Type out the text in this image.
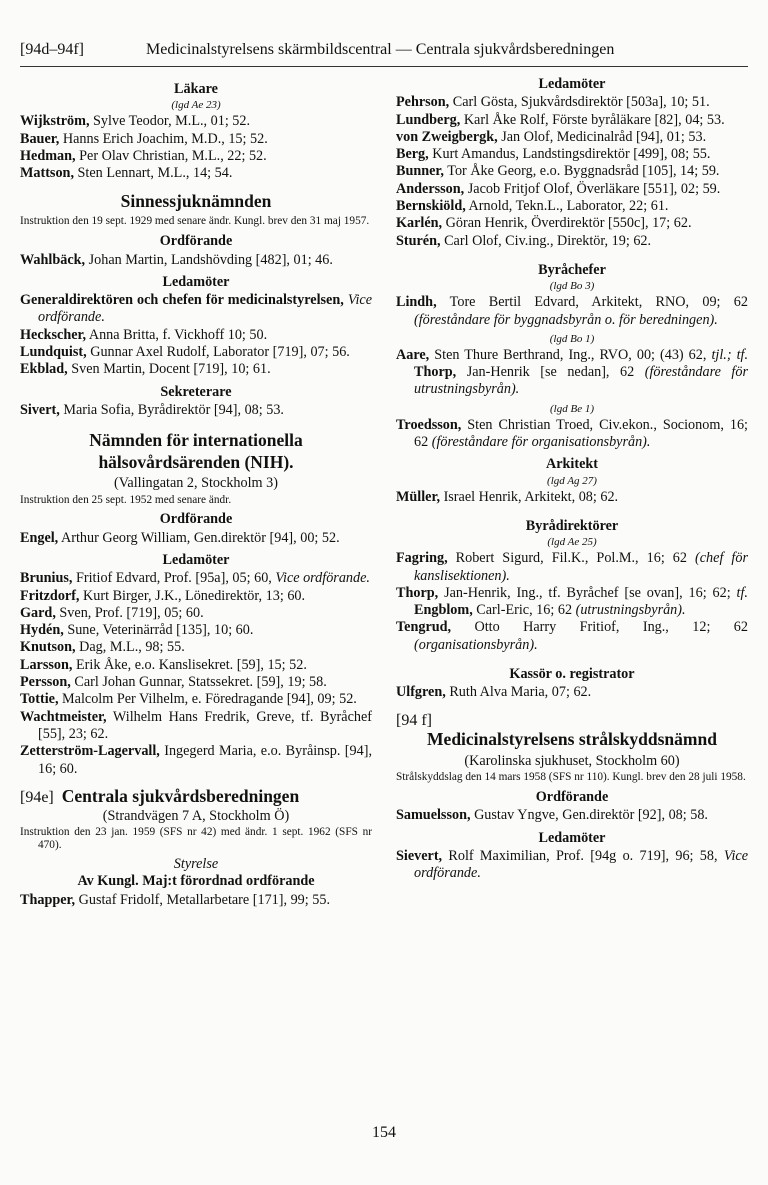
[94d–94f]	Medicinalstyrelsens skärmbildscentral — Centrala sjukvårdsberedningen
Läkare
(lgd Ae 23)

Wijkström, Sylve Teodor, M.L., 01; 52.

Bauer, Hanns Erich Joachim, M.D., 15; 52.

Hedman, Per Olav Christian, M.L., 22; 52.

Mattson, Sten Lennart, M.L., 14; 54.

Sinnessjuknämnden

Instruktion den 19 sept. 1929 med senare ändr. Kungl. brev den 31 maj 1957.

Ordförande

Wahlbäck, Johan Martin, Landshövding [482], 01; 46.

Ledamöter

Generaldirektören och chefen för medicinalstyrelsen, Vice ordförande.

Heckscher, Anna Britta, f. Vickhoff 10; 50.

Lundquist, Gunnar Axel Rudolf, Laborator [719], 07; 56.

Ekblad, Sven Martin, Docent [719], 10; 61.

Sekreterare

Sivert, Maria Sofia, Byrådirektör [94], 08; 53.

Nämnden för internationella hälsovårdsärenden (NIH).
(Vallingatan 2, Stockholm 3)

Instruktion den 25 sept. 1952 med senare ändr.

Ordförande

Engel, Arthur Georg William, Gen.direktör [94], 00; 52.

Ledamöter

Brunius, Fritiof Edvard, Prof. [95a], 05; 60, Vice ordförande.

Fritzdorf, Kurt Birger, J.K., Lönedirektör, 13; 60.

Gard, Sven, Prof. [719], 05; 60.

Hydén, Sune, Veterinärråd [135], 10; 60.

Knutson, Dag, M.L., 98; 55.

Larsson, Erik Åke, e.o. Kanslisekret. [59], 15; 52.

Persson, Carl Johan Gunnar, Statssekret. [59], 19; 58.

Tottie, Malcolm Per Vilhelm, e. Föredragande [94], 09; 52.

Wachtmeister, Wilhelm Hans Fredrik, Greve, tf. Byråchef [55], 23; 62.

Zetterström-Lagervall, Ingegerd Maria, e.o. Byråinsp. [94], 16; 60.

[94e] Centrala sjukvårdsberedningen
(Strandvägen 7 A, Stockholm Ö)

Instruktion den 23 jan. 1959 (SFS nr 42) med ändr. 1 sept. 1962 (SFS nr 470).

Styrelse
Av Kungl. Maj:t förordnad ordförande

Thapper, Gustaf Fridolf, Metallarbetare [171], 99; 55.

Ledamöter

Pehrson, Carl Gösta, Sjukvårdsdirektör [503a], 10; 51.

Lundberg, Karl Åke Rolf, Förste byråläkare [82], 04; 53.

von Zweigbergk, Jan Olof, Medicinalråd [94], 01; 53.

Berg, Kurt Amandus, Landstingsdirektör [499], 08; 55.

Bunner, Tor Åke Georg, e.o. Byggnadsråd [105], 14; 59.

Andersson, Jacob Fritjof Olof, Överläkare [551], 02; 59.

Bernskiöld, Arnold, Tekn.L., Laborator, 22; 61.

Karlén, Göran Henrik, Överdirektör [550c], 17; 62.

Sturén, Carl Olof, Civ.ing., Direktör, 19; 62.

Byråchefer
(lgd Bo 3)

Lindh, Tore Bertil Edvard, Arkitekt, RNO, 09; 62 (föreståndare för byggnadsbyrån o. för beredningen).

(lgd Bo 1)

Aare, Sten Thure Berthrand, Ing., RVO, 00; (43) 62, tjl.; tf. Thorp, Jan-Henrik [se nedan], 62 (föreståndare för utrustningsbyrån).

(lgd Be 1)

Troedsson, Sten Christian Troed, Civ.ekon., Socionom, 16; 62 (föreståndare för organisationsbyrån).

Arkitekt
(lgd Ag 27)

Müller, Israel Henrik, Arkitekt, 08; 62.

Byrådirektörer
(lgd Ae 25)

Fagring, Robert Sigurd, Fil.K., Pol.M., 16; 62 (chef för kanslisektionen).

Thorp, Jan-Henrik, Ing., tf. Byråchef [se ovan], 16; 62; tf. Engblom, Carl-Eric, 16; 62 (utrustningsbyrån).

Tengrud, Otto Harry Fritiof, Ing., 12; 62 (organisationsbyrån).

Kassör o. registrator

Ulfgren, Ruth Alva Maria, 07; 62.

[94 f]
Medicinalstyrelsens strålskyddsnämnd
(Karolinska sjukhuset, Stockholm 60)

Strålskyddslag den 14 mars 1958 (SFS nr 110). Kungl. brev den 28 juli 1958.

Ordförande

Samuelsson, Gustav Yngve, Gen.direktör [92], 08; 58.

Ledamöter

Sievert, Rolf Maximilian, Prof. [94g o. 719], 96; 58, Vice ordförande.

154
